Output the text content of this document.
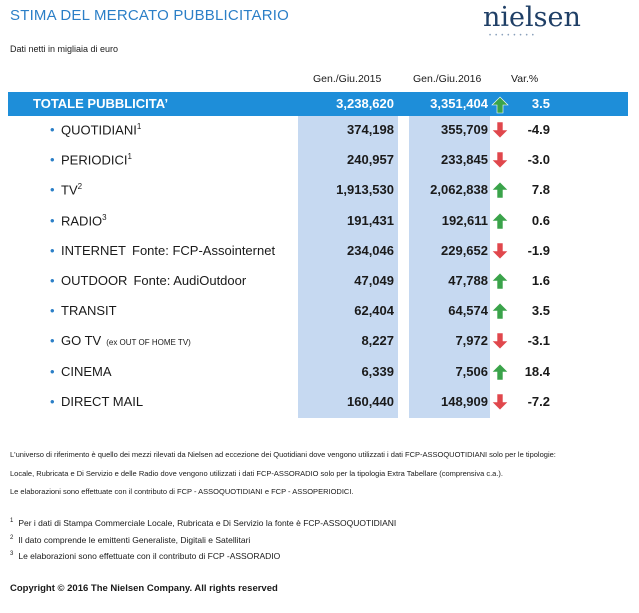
STIMA DEL MERCATO PUBBLICITARIO	nielsen
••••••••
Dati netti in migliaia di euro
Gen./Giu.2015	Gen./Giu.2016	Var.%
TOTALE PUBBLICITA’	3,238,620	3,351,404	3.5
• QUOTIDIANI$^1$	374,198	355,709	-4.9
• PERIODICI$^1$	240,957	233,845	-3.0
• $TV^2$	1,913,530	2,062,838	7.8
• RADIO$^3$	191,431	192,611	0.6
• INTERNET Fonte: FCP-Assointernet	234,046	229,652	-1.9
• OUTDOOR Fonte: AudiOutdoor	47,049	47,788	1.6
• TRANSIT	62,404	64,574	3.5
• GO TV (ex OUT OF HOME TV)	8,227	7,972	-3.1
• CINEMA	6,339	7,506	18.4
• DIRECT MAIL	160,440	148,909	-7.2
L'universo di riferimento è quello dei mezzi rilevati da Nielsen ad eccezione dei Quotidiani dove vengono utilizzati i dati FCP-ASSOQUOTIDIANI solo per le tipologie:
Locale, Rubricata e Di Servizio e delle Radio dove vengono utilizzati i dati FCP-ASSORADIO solo per la tipologia Extra Tabellare (comprensiva c.a.).
Le elaborazioni sono effettuate con il contributo di FCP - ASSOQUOTIDIANI e FCP - ASSOPERIODICI.
$^1$ Per i dati di Stampa Commerciale Locale, Rubricata e Di Servizio la fonte è FCP-ASSOQUOTIDIANI
$^2$ Il dato comprende le emittenti Generaliste, Digitali e Satellitari
$^3$ Le elaborazioni sono effettuate con il contributo di FCP -ASSORADIO
Copyright © 2016 The Nielsen Company. All rights reserved
